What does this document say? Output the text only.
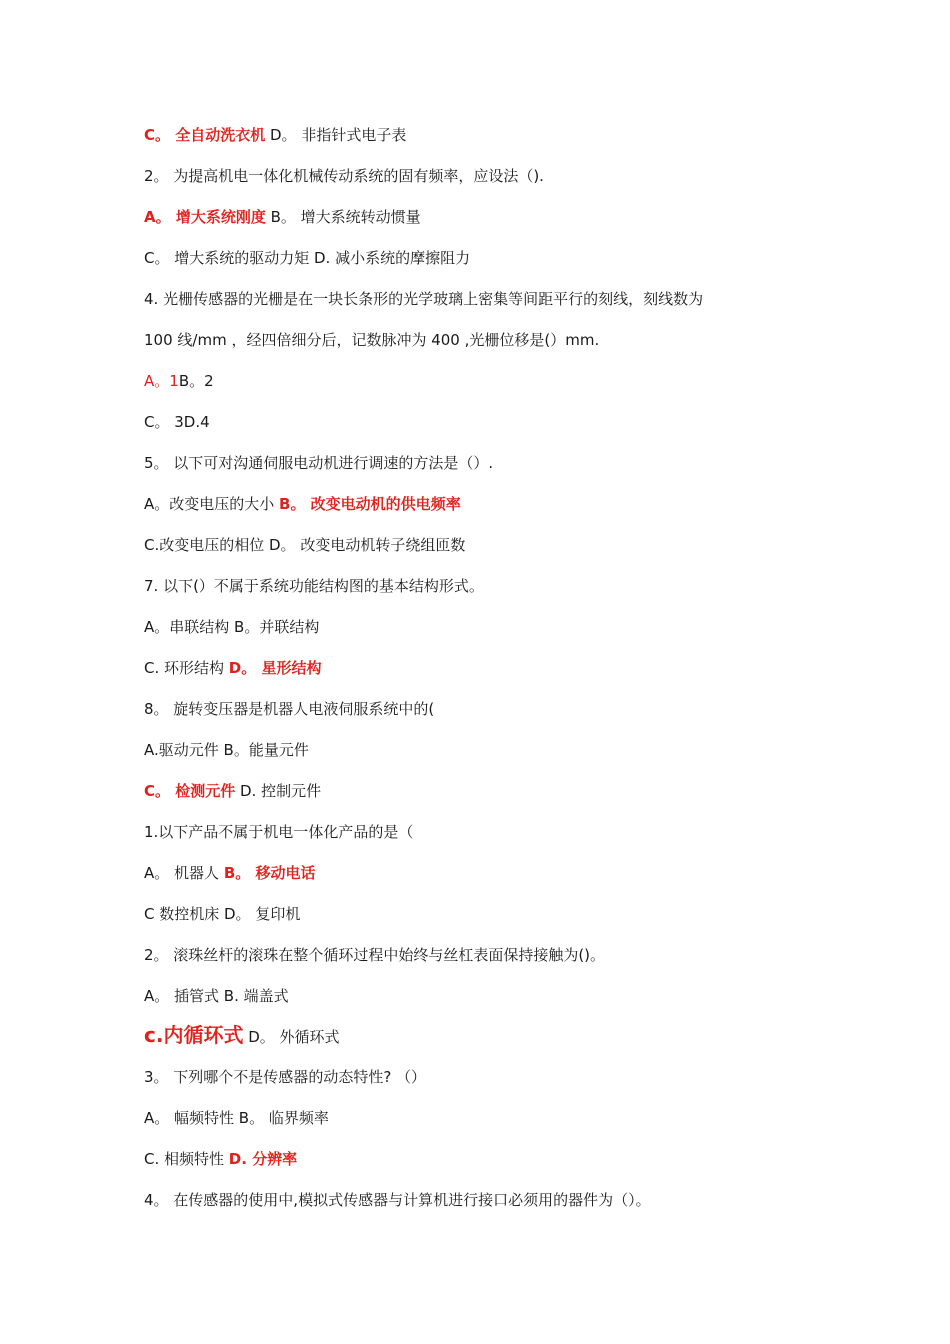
C。 全自动洗衣机 D。 非指针式电子表
2。 为提高机电一体化机械传动系统的固有频率，应设法（).
A。 增大系统刚度 B。 增大系统转动惯量
C。 增大系统的驱动力矩 D. 减小系统的摩擦阻力
4. 光栅传感器的光栅是在一块长条形的光学玻璃上密集等间距平行的刻线，刻线数为
100 线/mm ，经四倍细分后，记数脉冲为 400 ,光栅位移是(）mm.
A。1B。2
C。 3D.4
5。 以下可对沟通伺服电动机进行调速的方法是（）.
A。改变电压的大小 B。 改变电动机的供电频率
C.改变电压的相位 D。 改变电动机转子绕组匝数
7. 以下(）不属于系统功能结构图的基本结构形式。
A。串联结构 B。并联结构
C. 环形结构 D。 星形结构
8。 旋转变压器是机器人电液伺服系统中的(
A.驱动元件 B。能量元件
C。 检测元件 D. 控制元件
1.以下产品不属于机电一体化产品的是（
A。 机器人 B。 移动电话
C 数控机床 D。 复印机
2。 滚珠丝杆的滚珠在整个循环过程中始终与丝杠表面保持接触为()。
A。 插管式 B. 端盖式
c.内循环式 D。 外循环式
3。 下列哪个不是传感器的动态特性? （）
A。 幅频特性 B。 临界频率
C. 相频特性 D. 分辨率
4。 在传感器的使用中,模拟式传感器与计算机进行接口必须用的器件为（）。
